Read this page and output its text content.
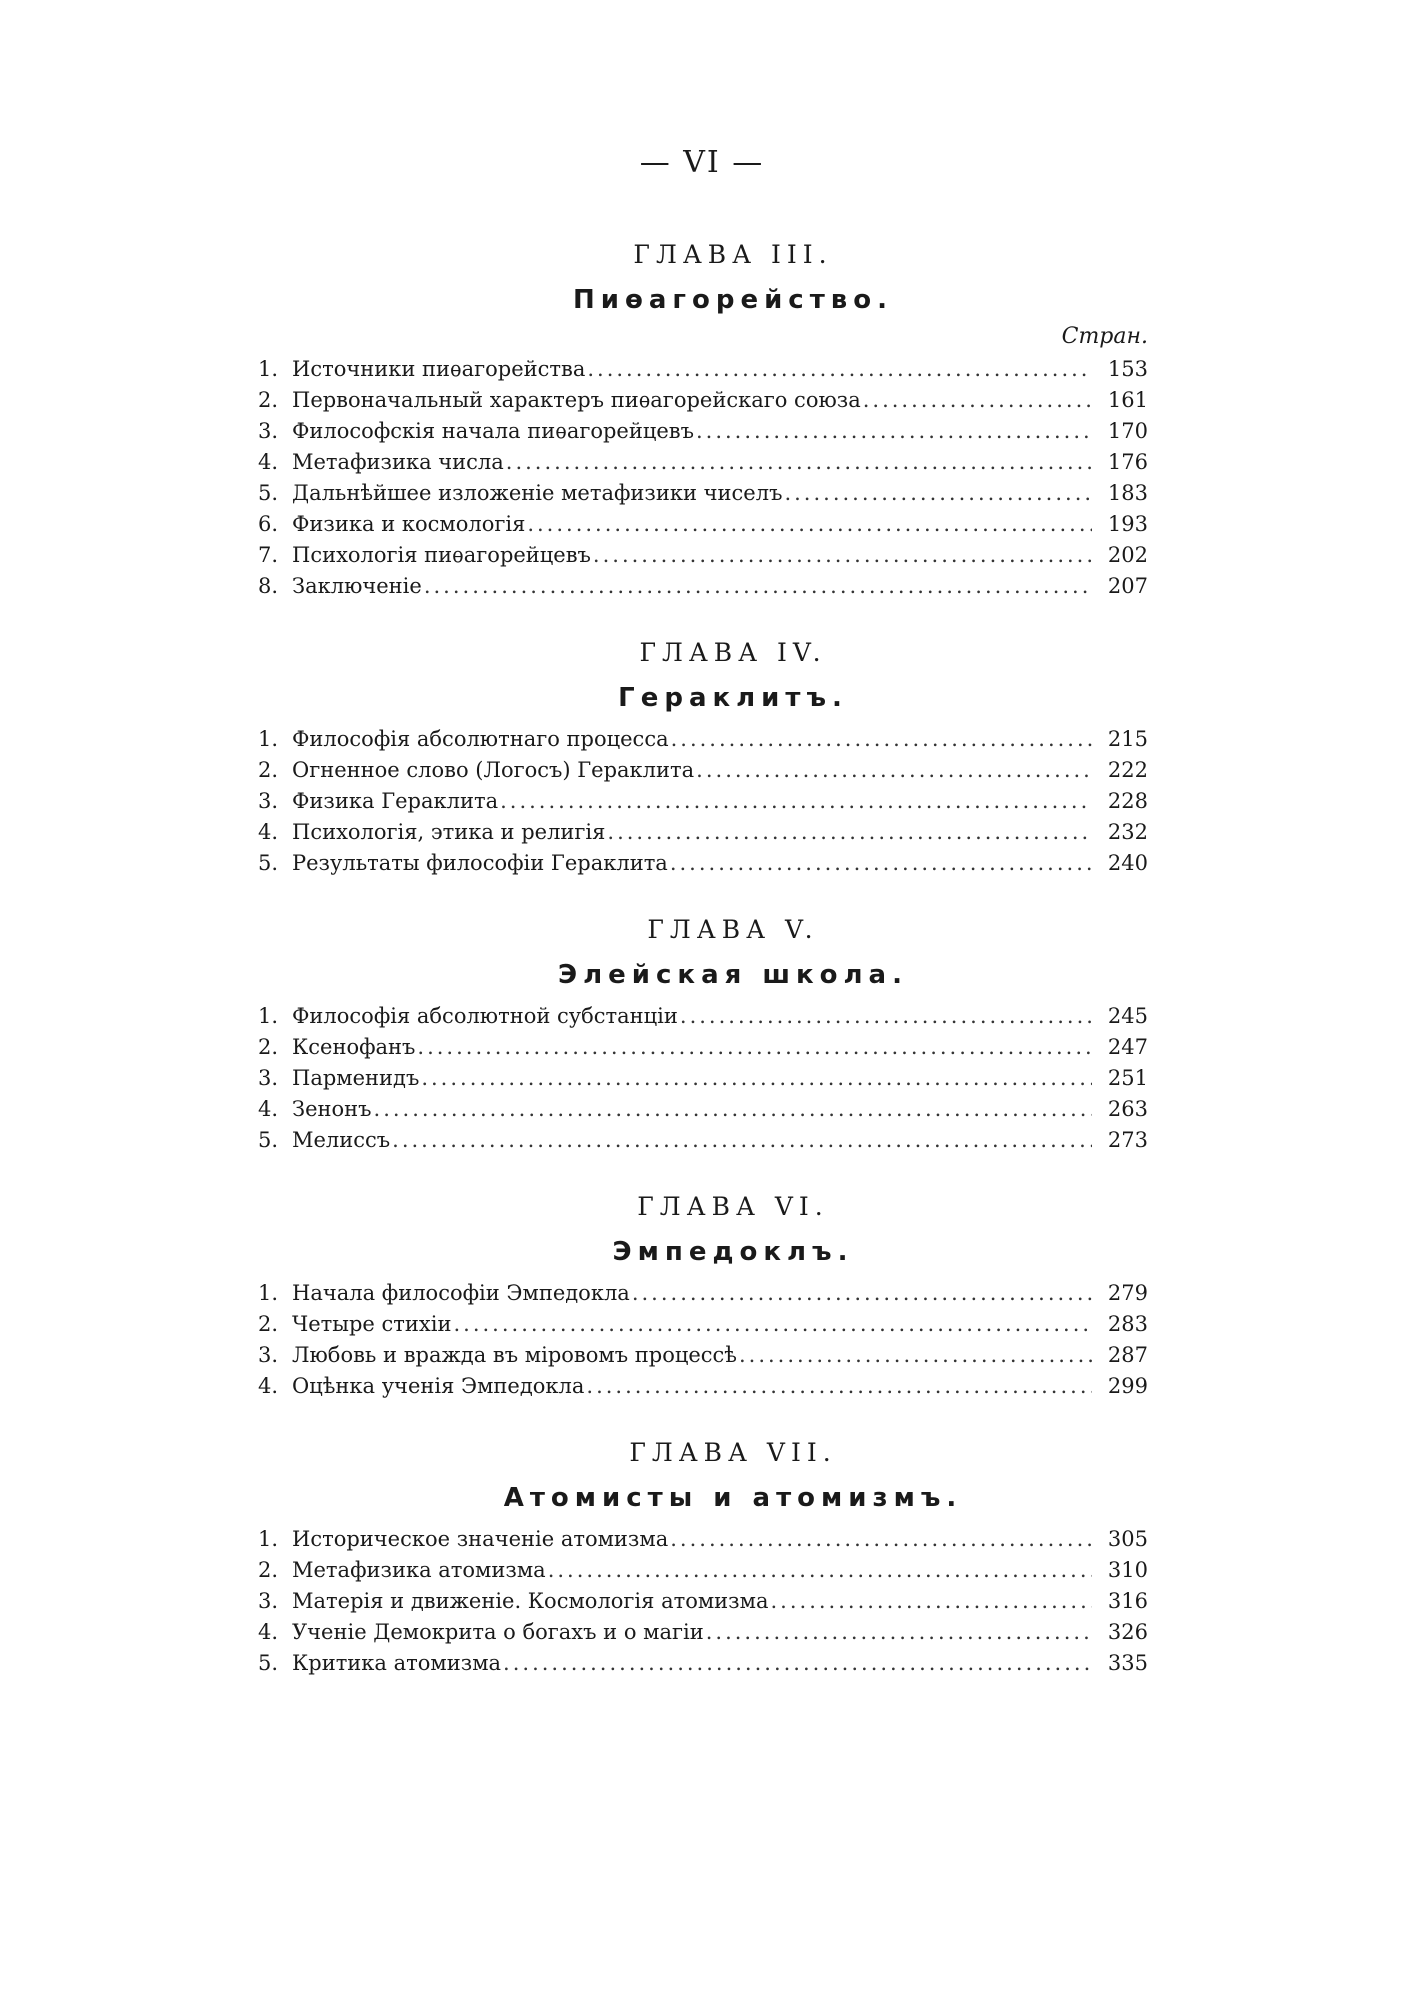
— VI —
ГЛАВА III.
Пиѳагорейство.
Стран.
1. Источники пиѳагорейства .....	153
2. Первоначальный характеръ пиѳагорейскаго союза .....	161
3. Философскія начала пиѳагорейцевъ .....	170
4. Метафизика числа .....	176
5. Дальнѣйшее изложеніе метафизики чиселъ .....	183
6. Физика и космологія .....	193
7. Психологія пиѳагорейцевъ .....	202
8. Заключеніе .....	207
ГЛАВА IV.
Гераклитъ.
1. Философія абсолютнаго процесса .....	215
2. Огненное слово (Логосъ) Гераклита .....	222
3. Физика Гераклита .....	228
4. Психологія, этика и религія .....	232
5. Результаты философіи Гераклита .....	240
ГЛАВА V.
Элейская школа.
1. Философія абсолютной субстанціи .....	245
2. Ксенофанъ .....	247
3. Парменидъ .....	251
4. Зенонъ .....	263
5. Мелиссъ .....	273
ГЛАВА VI.
Эмпедоклъ.
1. Начала философіи Эмпедокла .....	279
2. Четыре стихіи .....	283
3. Любовь и вражда въ міровомъ процессѣ .....	287
4. Оцѣнка ученія Эмпедокла .....	299
ГЛАВА VII.
Атомисты и атомизмъ.
1. Историческое значеніе атомизма .....	305
2. Метафизика атомизма .....	310
3. Матерія и движеніе. Космологія атомизма .....	316
4. Ученіе Демокрита о богахъ и о магіи .....	326
5. Критика атомизма .....	335
